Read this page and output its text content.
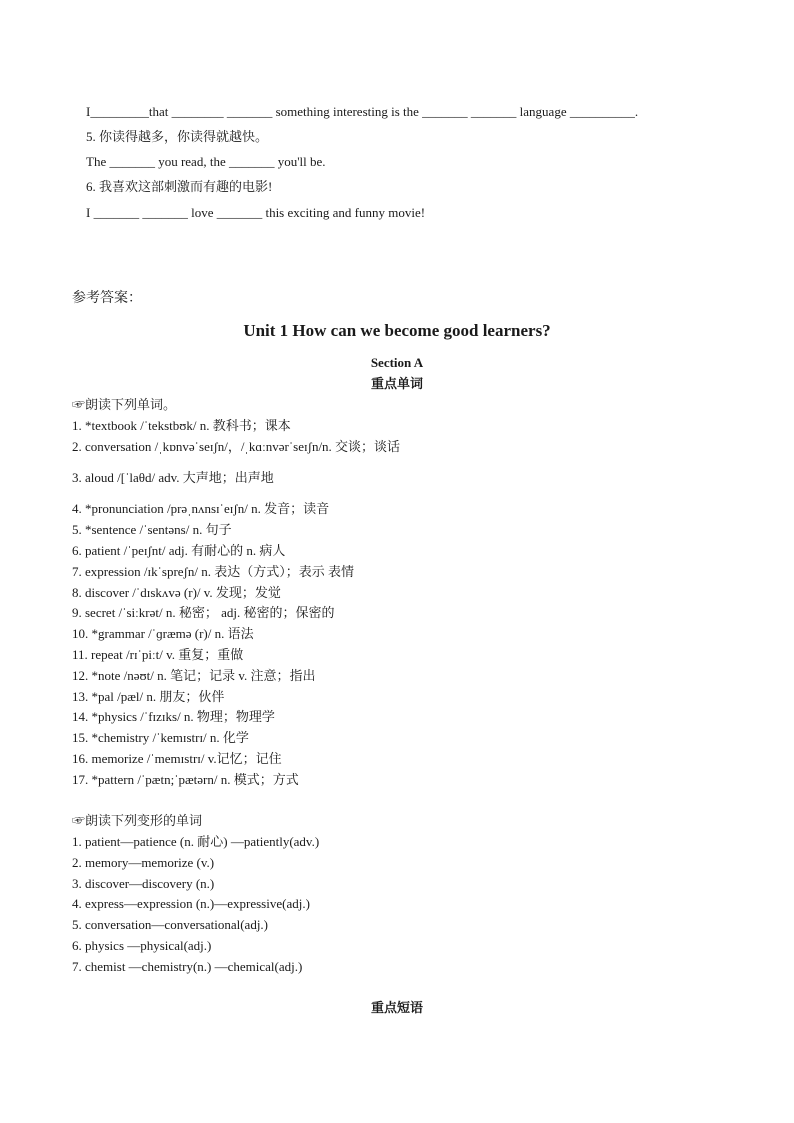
I_________that ________ _______ something interesting is the _______ _______ language __________.
5. 你读得越多，你读得就越快。
The _______ you read, the _______ you'll be.
6. 我喜欢这部刺激而有趣的电影!
I _______ _______ love _______ this exciting and funny movie!
参考答案：
Unit 1 How can we become good learners?
Section A
重点单词
☞朗读下列单词。
1. *textbook /ˈtekstbʊk/ n. 教科书；课本
2. conversation /ˌkɒnvəˈseɪʃn/，/ˌkɑːnvərˈseɪʃn/n. 交谈；谈话
3. aloud /[ˈlaθd/ adv. 大声地；出声地
4. *pronunciation /prəˌnʌnsɪˈeɪʃn/ n. 发音；读音
5. *sentence /ˈsentəns/ n. 句子
6. patient /ˈpeɪʃnt/ adj. 有耐心的 n. 病人
7. expression /ɪkˈspreʃn/ n. 表达（方式）；表示 表情
8. discover /ˈdɪskʌvə (r)/ v. 发现；发觉
9. secret /ˈsiːkrət/ n. 秘密； adj. 秘密的；保密的
10. *grammar /ˈɡræmə (r)/ n. 语法
11. repeat /rɪˈpiːt/ v. 重复；重做
12. *note /nəʊt/ n. 笔记；记录 v. 注意；指出
13. *pal /pæl/ n. 朋友；伙伴
14. *physics /ˈfɪzɪks/ n. 物理；物理学
15. *chemistry /ˈkemɪstrɪ/ n. 化学
16. memorize /ˈmemɪstrɪ/ v.记忆；记住
17. *pattern /ˈpætn;ˈpætərn/ n. 模式；方式
☞朗读下列变形的单词
1. patient—patience (n. 耐心) —patiently(adv.)
2. memory—memorize (v.)
3. discover—discovery (n.)
4. express—expression (n.)—expressive(adj.)
5. conversation—conversational(adj.)
6. physics —physical(adj.)
7. chemist —chemistry(n.) —chemical(adj.)
重点短语
